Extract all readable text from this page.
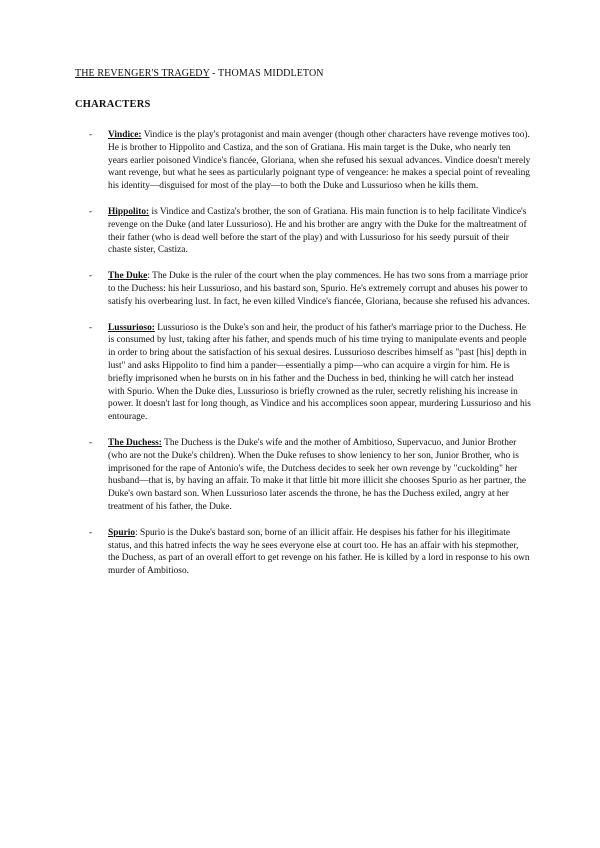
THE REVENGER'S TRAGEDY - THOMAS MIDDLETON
CHARACTERS
- Vindice: Vindice is the play's protagonist and main avenger (though other characters have revenge motives too). He is brother to Hippolito and Castiza, and the son of Gratiana. His main target is the Duke, who nearly ten years earlier poisoned Vindice's fiancée, Gloriana, when she refused his sexual advances. Vindice doesn't merely want revenge, but what he sees as particularly poignant type of vengeance: he makes a special point of revealing his identity—disguised for most of the play—to both the Duke and Lussurioso when he kills them.

- Hippolito: is Vindice and Castiza's brother, the son of Gratiana. His main function is to help facilitate Vindice's revenge on the Duke (and later Lussurioso). He and his brother are angry with the Duke for the maltreatment of their father (who is dead well before the start of the play) and with Lussurioso for his seedy pursuit of their chaste sister, Castiza.

- The Duke: The Duke is the ruler of the court when the play commences. He has two sons from a marriage prior to the Duchess: his heir Lussurioso, and his bastard son, Spurio. He's extremely corrupt and abuses his power to satisfy his overbearing lust. In fact, he even killed Vindice's fiancée, Gloriana, because she refused his advances.

- Lussurioso: Lussurioso is the Duke's son and heir, the product of his father's marriage prior to the Duchess. He is consumed by lust, taking after his father, and spends much of his time trying to manipulate events and people in order to bring about the satisfaction of his sexual desires. Lussurioso describes himself as "past [his] depth in lust" and asks Hippolito to find him a pander—essentially a pimp—who can acquire a virgin for him. He is briefly imprisoned when he bursts on in his father and the Duchess in bed, thinking he will catch her instead with Spurio. When the Duke dies, Lussurioso is briefly crowned as the ruler, secretly relishing his increase in power. It doesn't last for long though, as Vindice and his accomplices soon appear, murdering Lussurioso and his entourage.

- The Duchess: The Duchess is the Duke's wife and the mother of Ambitioso, Supervacuo, and Junior Brother (who are not the Duke's children). When the Duke refuses to show leniency to her son, Junior Brother, who is imprisoned for the rape of Antonio's wife, the Dutchess decides to seek her own revenge by "cuckolding" her husband—that is, by having an affair. To make it that little bit more illicit she chooses Spurio as her partner, the Duke's own bastard son. When Lussurioso later ascends the throne, he has the Duchess exiled, angry at her treatment of his father, the Duke.

- Spurio: Spurio is the Duke's bastard son, borne of an illicit affair. He despises his father for his illegitimate status, and this hatred infects the way he sees everyone else at court too. He has an affair with his stepmother, the Duchess, as part of an overall effort to get revenge on his father. He is killed by a lord in response to his own murder of Ambitioso.
